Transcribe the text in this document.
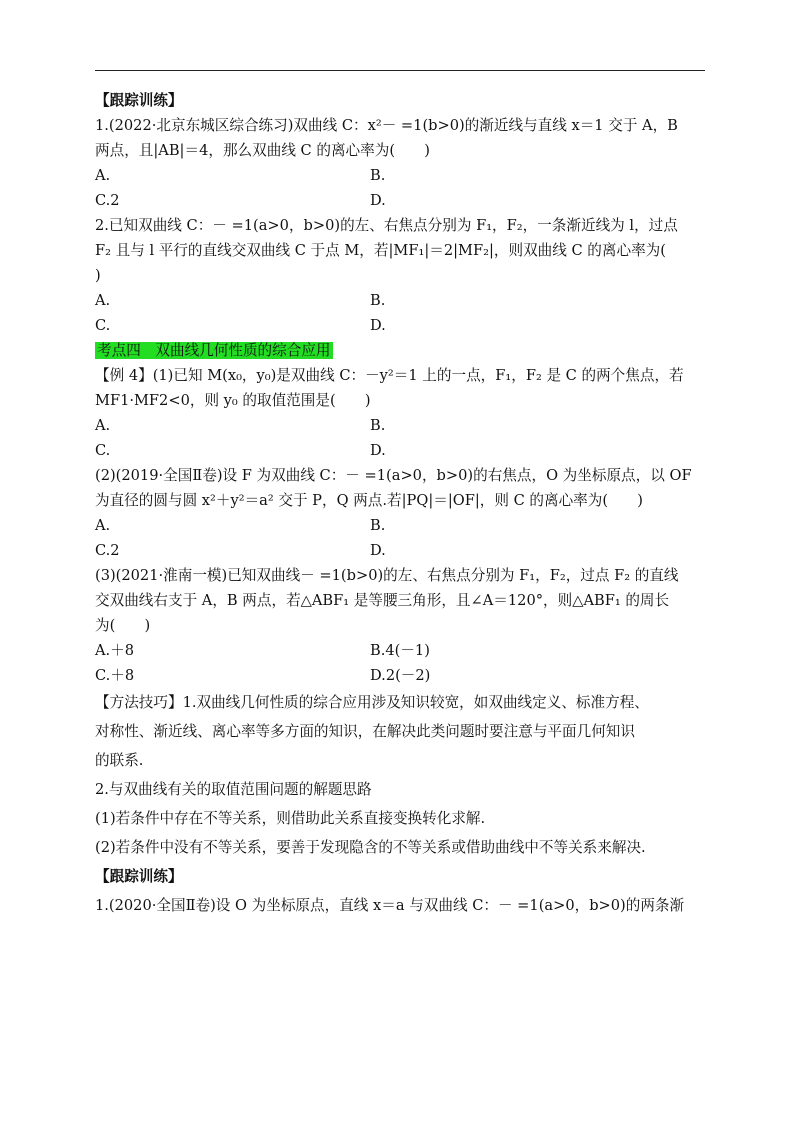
【跟踪训练】
1.(2022·北京东城区综合练习)双曲线 C：x²－ =1(b>0)的渐近线与直线 x＝1 交于 A，B
两点，且|AB|＝4，那么双曲线 C 的离心率为(　　)
A.	B.
C.2	D.
2.已知双曲线 C：－ =1(a>0，b>0)的左、右焦点分别为 F₁，F₂，一条渐近线为 l，过点
F₂ 且与 l 平行的直线交双曲线 C 于点 M，若|MF₁|＝2|MF₂|，则双曲线 C 的离心率为(
)
A.	B.
C.	D.
考点四　双曲线几何性质的综合应用
【例 4】(1)已知 M(x₀，y₀)是双曲线 C：－y²＝1 上的一点，F₁，F₂ 是 C 的两个焦点，若
MF1·MF2<0，则 y₀ 的取值范围是(　　)
A.	B.
C.	D.
(2)(2019·全国Ⅱ卷)设 F 为双曲线 C：－ =1(a>0，b>0)的右焦点，O 为坐标原点，以 OF
为直径的圆与圆 x²＋y²＝a² 交于 P，Q 两点.若|PQ|＝|OF|，则 C 的离心率为(　　)
A.	B.
C.2	D.
(3)(2021·淮南一模)已知双曲线－ =1(b>0)的左、右焦点分别为 F₁，F₂，过点 F₂ 的直线
交双曲线右支于 A，B 两点，若△ABF₁ 是等腰三角形，且∠A＝120°，则△ABF₁ 的周长
为(　　)
A.＋8	B.4(－1)
C.＋8	D.2(－2)
【方法技巧】1.双曲线几何性质的综合应用涉及知识较宽，如双曲线定义、标准方程、
对称性、渐近线、离心率等多方面的知识，在解决此类问题时要注意与平面几何知识
的联系.
2.与双曲线有关的取值范围问题的解题思路
(1)若条件中存在不等关系，则借助此关系直接变换转化求解.
(2)若条件中没有不等关系，要善于发现隐含的不等关系或借助曲线中不等关系来解决.
【跟踪训练】
1.(2020·全国Ⅱ卷)设 O 为坐标原点，直线 x＝a 与双曲线 C：－ =1(a>0，b>0)的两条渐
